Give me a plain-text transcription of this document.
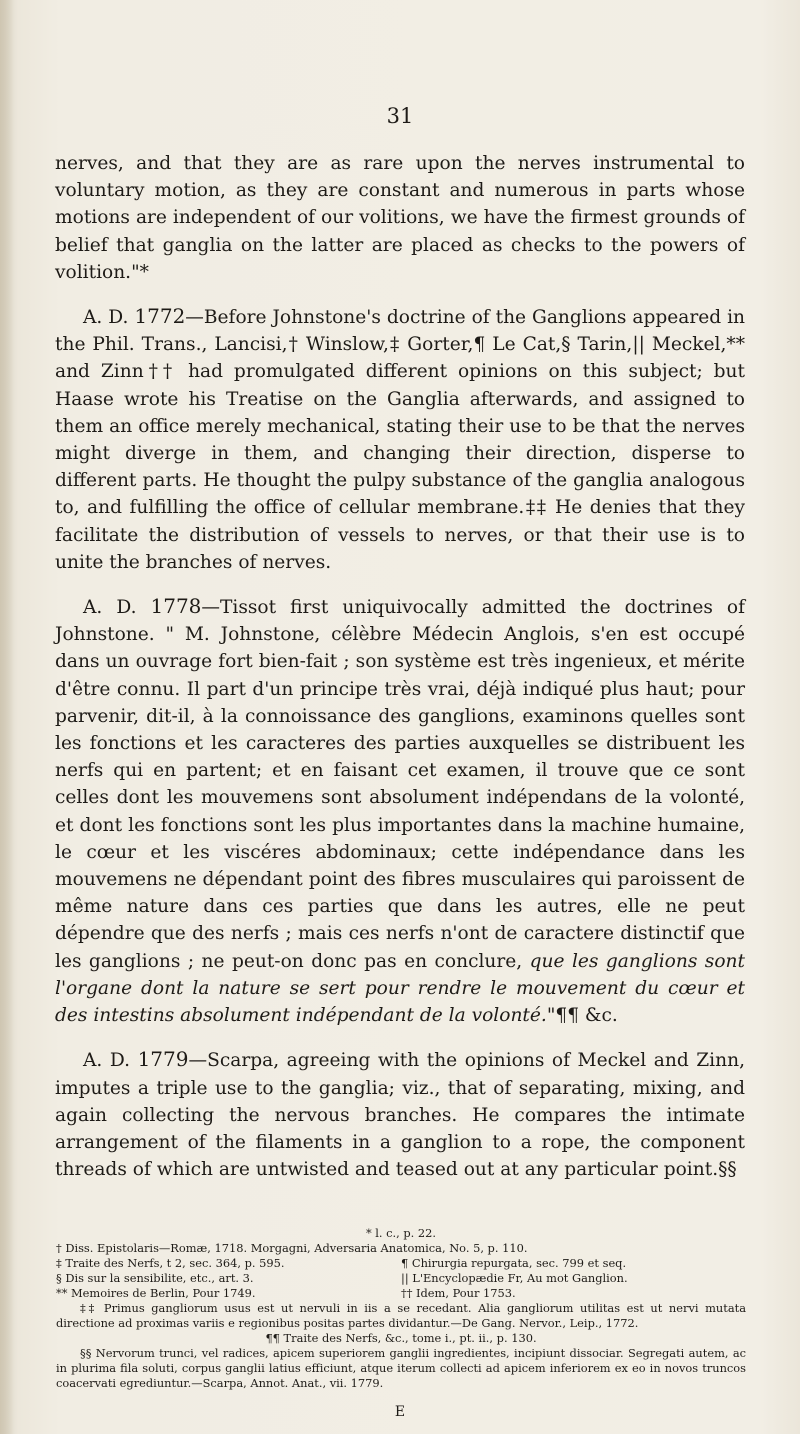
31

nerves, and that they are as rare upon the nerves instrumental to voluntary motion, as they are constant and numerous in parts whose motions are independent of our volitions, we have the firmest grounds of belief that ganglia on the latter are placed as checks to the powers of volition."*

A. D. 1772—Before Johnstone's doctrine of the Ganglions appeared in the Phil. Trans., Lancisi,† Winslow,‡ Gorter,¶ Le Cat,§ Tarin,|| Meckel,** and Zinn†† had promulgated different opinions on this subject; but Haase wrote his Treatise on the Ganglia afterwards, and assigned to them an office merely mechanical, stating their use to be that the nerves might diverge in them, and changing their direction, disperse to different parts. He thought the pulpy substance of the ganglia analogous to, and fulfilling the office of cellular membrane.‡‡ He denies that they facilitate the distribution of vessels to nerves, or that their use is to unite the branches of nerves.

A. D. 1778—Tissot first uniquivocally admitted the doctrines of Johnstone. " M. Johnstone, célèbre Médecin Anglois, s'en est occupé dans un ouvrage fort bien-fait ; son système est très ingenieux, et mérite d'être connu. Il part d'un principe très vrai, déjà indiqué plus haut; pour parvenir, dit-il, à la connoissance des ganglions, examinons quelles sont les fonctions et les caracteres des parties auxquelles se distribuent les nerfs qui en partent; et en faisant cet examen, il trouve que ce sont celles dont les mouvemens sont absolument indépendans de la volonté, et dont les fonctions sont les plus importantes dans la machine humaine, le cœur et les viscéres abdominaux; cette indépendance dans les mouvemens ne dépendant point des fibres musculaires qui paroissent de même nature dans ces parties que dans les autres, elle ne peut dépendre que des nerfs ; mais ces nerfs n'ont de caractere distinctif que les ganglions ; ne peut-on donc pas en conclure, que les ganglions sont l'organe dont la nature se sert pour rendre le mouvement du cœur et des intestins absolument indépendant de la volonté."¶¶ &c.

A. D. 1779—Scarpa, agreeing with the opinions of Meckel and Zinn, imputes a triple use to the ganglia; viz., that of separating, mixing, and again collecting the nervous branches. He compares the intimate arrangement of the filaments in a ganglion to a rope, the component threads of which are untwisted and teased out at any particular point.§§

* l. c., p. 22.
† Diss. Epistolaris—Romæ, 1718. Morgagni, Adversaria Anatomica, No. 5, p. 110.
‡ Traite des Nerfs, t 2, sec. 364, p. 595.	¶ Chirurgia repurgata, sec. 799 et seq.
§ Dis sur la sensibilite, etc., art. 3.	|| L'Encyclopædie Fr, Au mot Ganglion.
** Memoires de Berlin, Pour 1749.	†† Idem, Pour 1753.
‡‡ Primus gangliorum usus est ut nervuli in iis a se recedant. Alia gangliorum utilitas est ut nervi mutata directione ad proximas variis e regionibus positas partes dividantur.—De Gang. Nervor., Leip., 1772.
¶¶ Traite des Nerfs, &c., tome i., pt. ii., p. 130.
§§ Nervorum trunci, vel radices, apicem superiorem ganglii ingredientes, incipiunt dissociar. Segregati autem, ac in plurima fila soluti, corpus ganglii latius efficiunt, atque iterum collecti ad apicem inferiorem ex eo in novos truncos coacervati egrediuntur.—Scarpa, Annot. Anat., vii. 1779.
E
